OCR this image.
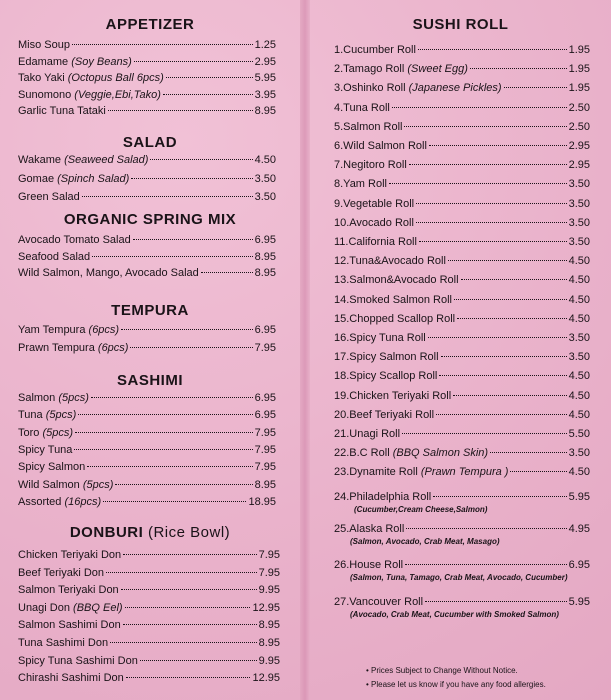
APPETIZER
Miso Soup	1.25
Edamame
(Soy Beans)	2.95
Tako Yaki
(Octopus Ball 6pcs)	5.95
Sunomono
(Veggie,Ebi,Tako)	3.95
Garlic Tuna Tataki	8.95
SALAD
Wakame
(Seaweed Salad)	4.50
Gomae
(Spinch Salad)	3.50
Green Salad	3.50
ORGANIC SPRING MIX
Avocado Tomato Salad	6.95
Seafood Salad	8.95
Wild Salmon, Mango, Avocado Salad	8.95
TEMPURA
Yam Tempura
(6pcs)	6.95
Prawn Tempura
(6pcs)	7.95
SASHIMI
Salmon
(5pcs)	6.95
Tuna
(5pcs)	6.95
Toro
(5pcs)	7.95
Spicy Tuna	7.95
Spicy Salmon	7.95
Wild Salmon
(5pcs)	8.95
Assorted
(16pcs)	18.95
DONBURI (Rice Bowl)
Chicken Teriyaki Don	7.95
Beef Teriyaki Don	7.95
Salmon Teriyaki Don	9.95
Unagi Don
(BBQ Eel)	12.95
Salmon Sashimi Don	8.95
Tuna Sashimi Don	8.95
Spicy Tuna Sashimi Don	9.95
Chirashi Sashimi Don	12.95
SUSHI ROLL
1.Cucumber Roll	1.95
2.Tamago Roll
(Sweet Egg)	1.95
3.Oshinko Roll
(Japanese Pickles)	1.95
4.Tuna Roll	2.50
5.Salmon Roll	2.50
6.Wild Salmon Roll	2.95
7.Negitoro Roll	2.95
8.Yam Roll	3.50
9.Vegetable Roll	3.50
10.Avocado Roll	3.50
11.California Roll	3.50
12.Tuna&Avocado Roll	4.50
13.Salmon&Avocado Roll	4.50
14.Smoked Salmon Roll	4.50
15.Chopped Scallop Roll	4.50
16.Spicy Tuna Roll	3.50
17.Spicy Salmon Roll	3.50
18.Spicy Scallop Roll	4.50
19.Chicken Teriyaki Roll	4.50
20.Beef Teriyaki Roll	4.50
21.Unagi Roll	5.50
22.B.C Roll
(BBQ Salmon Skin)	3.50
23.Dynamite Roll
(Prawn Tempura )	4.50
24.Philadelphia Roll	5.95
(Cucumber,Cream Cheese,Salmon)
25.Alaska Roll	4.95
(Salmon, Avocado, Crab Meat, Masago)
26.House Roll	6.95
(Salmon, Tuna, Tamago, Crab Meat, Avocado, Cucumber)
27.Vancouver Roll	5.95
(Avocado, Crab Meat, Cucumber with Smoked Salmon)
• Prices Subject to Change Without Notice.
• Please let us know if you have any food allergies.
